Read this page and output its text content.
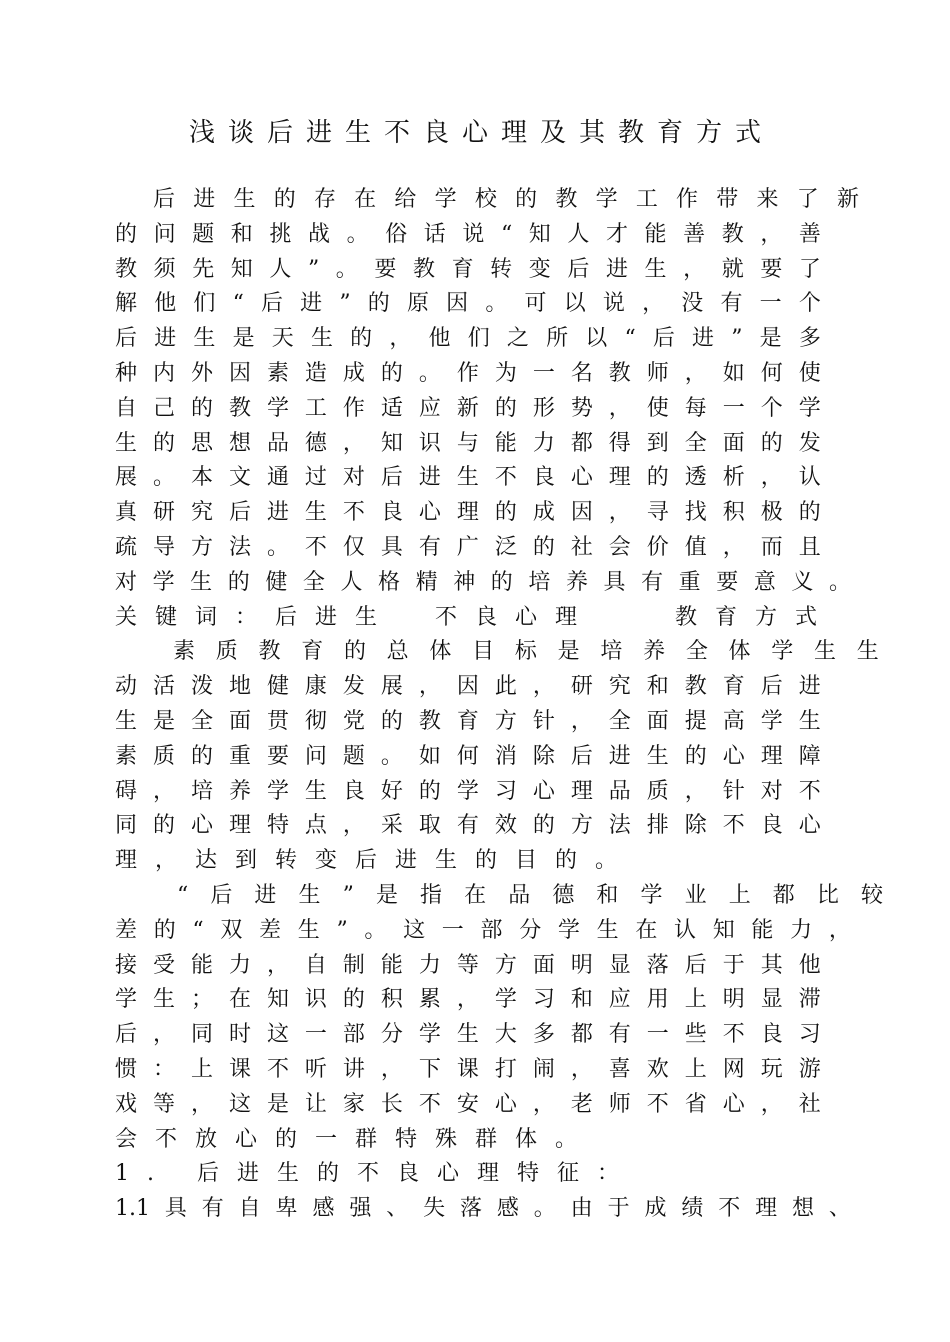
浅谈后进生不良心理及其教育方式
后 进 生 的 存 在 给 学 校 的 教 学 工 作 带 来 了 新
的 问 题 和 挑 战 。 俗 话 说 “ 知 人 才 能 善 教 ， 善
教 须 先 知 人 ” 。 要 教 育 转 变 后 进 生 ， 就 要 了
解 他 们 “ 后 进 ” 的 原 因 。 可 以 说 ， 没 有 一 个
后 进 生 是 天 生 的 ， 他 们 之 所 以 “ 后 进 ” 是 多
种 内 外 因 素 造 成 的 。 作 为 一 名 教 师 ， 如 何 使
自 己 的 教 学 工 作 适 应 新 的 形 势 ， 使 每 一 个 学
生 的 思 想 品 德 ， 知 识 与 能 力 都 得 到 全 面 的 发
展 。 本 文 通 过 对 后 进 生 不 良 心 理 的 透 析 ， 认
真 研 究 后 进 生 不 良 心 理 的 成 因 ， 寻 找 积 极 的
疏 导 方 法 。 不 仅 具 有 广 泛 的 社 会 价 值 ， 而 且
对 学 生 的 健 全 人 格 精 神 的 培 养 具 有 重 要 意 义 。
关键词：后进生　不良心理　　教育方式
素 质 教 育 的 总 体 目 标 是 培 养 全 体 学 生 生
动 活 泼 地 健 康 发 展 ， 因 此 ， 研 究 和 教 育 后 进
生 是 全 面 贯 彻 党 的 教 育 方 针 ， 全 面 提 高 学 生
素 质 的 重 要 问 题 。 如 何 消 除 后 进 生 的 心 理 障
碍 ， 培 养 学 生 良 好 的 学 习 心 理 品 质 ， 针 对 不
同 的 心 理 特 点 ， 采 取 有 效 的 方 法 排 除 不 良 心
理，达到转变后进生的目的。
“ 后 进 生 ” 是 指 在 品 德 和 学 业 上 都 比 较
差 的 “ 双 差 生 ” 。 这 一 部 分 学 生 在 认 知 能 力 ，
接 受 能 力 ， 自 制 能 力 等 方 面 明 显 落 后 于 其 他
学 生 ； 在 知 识 的 积 累 ， 学 习 和 应 用 上 明 显 滞
后 ， 同 时 这 一 部 分 学 生 大 多 都 有 一 些 不 良 习
惯 ： 上 课 不 听 讲 ， 下 课 打 闹 ， 喜 欢 上 网 玩 游
戏 等 ， 这 是 让 家 长 不 安 心 ， 老 师 不 省 心 ， 社
会不放心的一群特殊群体。
1. 后进生的不良心理特征：
1.1 具 有 自 卑 感 强 、 失 落 感 。 由 于 成 绩 不 理 想 、
